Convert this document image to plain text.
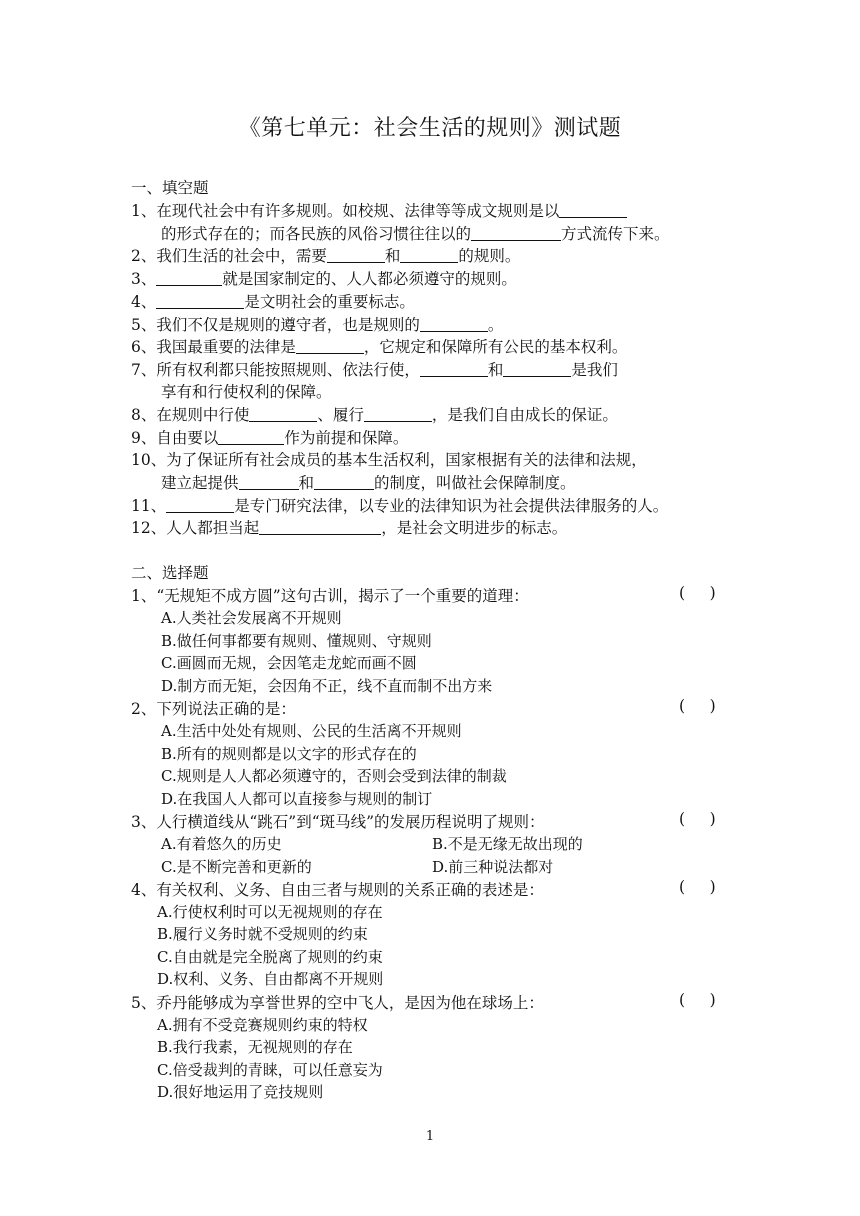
《第七单元：社会生活的规则》测试题
一、填空题
1、在现代社会中有许多规则。如校规、法律等等成文规则是以
的形式存在的；而各民族的风俗习惯往往以的	方式流传下来。
2、我们生活的社会中，需要	和	的规则。
3、	就是国家制定的、人人都必须遵守的规则。
4、	是文明社会的重要标志。
5、我们不仅是规则的遵守者，也是规则的	。
6、我国最重要的法律是	，它规定和保障所有公民的基本权利。
7、所有权利都只能按照规则、依法行使，	和	是我们
享有和行使权利的保障。
8、在规则中行使	、履行	，是我们自由成长的保证。
9、自由要以	作为前提和保障。
10、为了保证所有社会成员的基本生活权利，国家根据有关的法律和法规，
建立起提供	和	的制度，叫做社会保障制度。
11、	是专门研究法律，以专业的法律知识为社会提供法律服务的人。
12、人人都担当起	，是社会文明进步的标志。
二、选择题
1、“无规矩不成方圆”这句古训，揭示了一个重要的道理：	(     )
A.人类社会发展离不开规则
B.做任何事都要有规则、懂规则、守规则
C.画圆而无规，会因笔走龙蛇而画不圆
D.制方而无矩，会因角不正，线不直而制不出方来
2、下列说法正确的是：	(     )
A.生活中处处有规则、公民的生活离不开规则
B.所有的规则都是以文字的形式存在的
C.规则是人人都必须遵守的，否则会受到法律的制裁
D.在我国人人都可以直接参与规则的制订
3、人行横道线从“跳石”到“斑马线”的发展历程说明了规则：	(     )
A.有着悠久的历史	B.不是无缘无故出现的
C.是不断完善和更新的	D.前三种说法都对
4、有关权利、义务、自由三者与规则的关系正确的表述是：	(     )
A.行使权利时可以无视规则的存在
B.履行义务时就不受规则的约束
C.自由就是完全脱离了规则的约束
D.权利、义务、自由都离不开规则
5、乔丹能够成为享誉世界的空中飞人，是因为他在球场上：	(     )
A.拥有不受竞赛规则约束的特权
B.我行我素，无视规则的存在
C.倍受裁判的青睐，可以任意妄为
D.很好地运用了竞技规则
1
